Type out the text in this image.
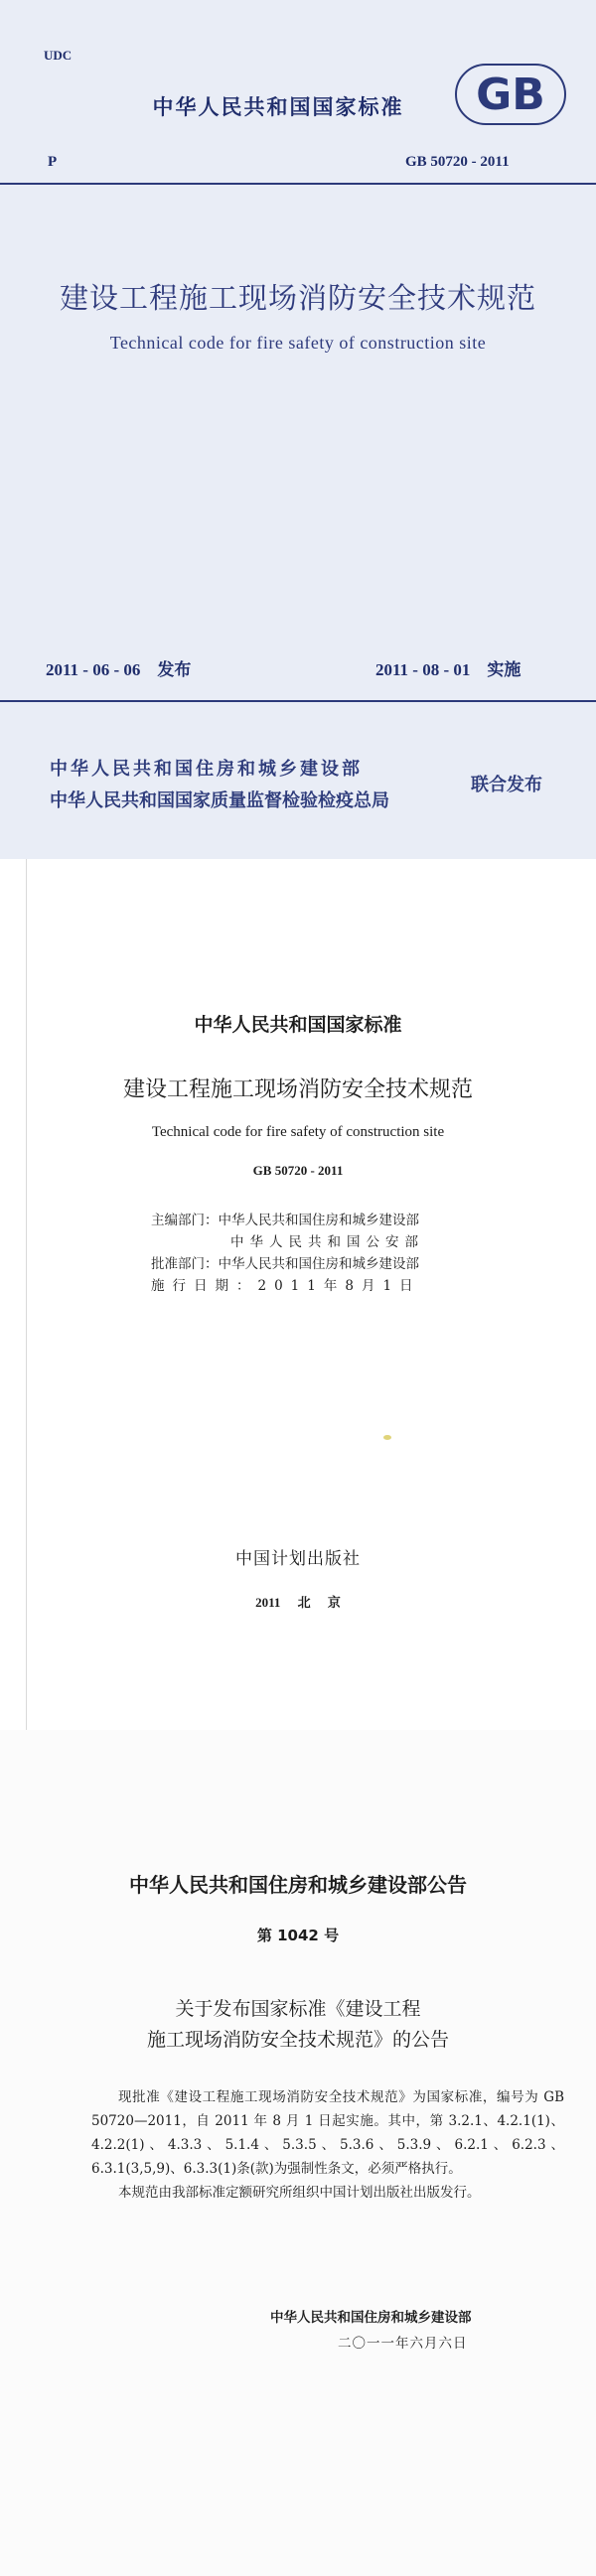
UDC
中华人民共和国国家标准	GB
P	GB 50720 - 2011
建设工程施工现场消防安全技术规范
Technical code for fire safety of construction site
2011 - 06 - 06　发布	2011 - 08 - 01　实施
中华人民共和国住房和城乡建设部
中华人民共和国国家质量监督检验检疫总局
联合发布
中华人民共和国国家标准
建设工程施工现场消防安全技术规范
Technical code for fire safety of construction site
GB 50720 - 2011
主编部门：中华人民共和国住房和城乡建设部
中华人民共和国公安部
批准部门：中华人民共和国住房和城乡建设部
施行日期：2011年8月1日
中国计划出版社
2011 北 京
中华人民共和国住房和城乡建设部公告
第 1042 号
关于发布国家标准《建设工程
施工现场消防安全技术规范》的公告

现批准《建设工程施工现场消防安全技术规范》为国家标准，编号为 GB 50720—2011，自 2011 年 8 月 1 日起实施。其中，第 3.2.1、4.2.1(1)、4.2.2(1)、4.3.3、5.1.4、5.3.5、5.3.6、5.3.9、6.2.1、6.2.3、6.3.1(3,5,9)、6.3.3(1)条(款)为强制性条文，必须严格执行。

本规范由我部标准定额研究所组织中国计划出版社出版发行。

中华人民共和国住房和城乡建设部
二〇一一年六月六日
